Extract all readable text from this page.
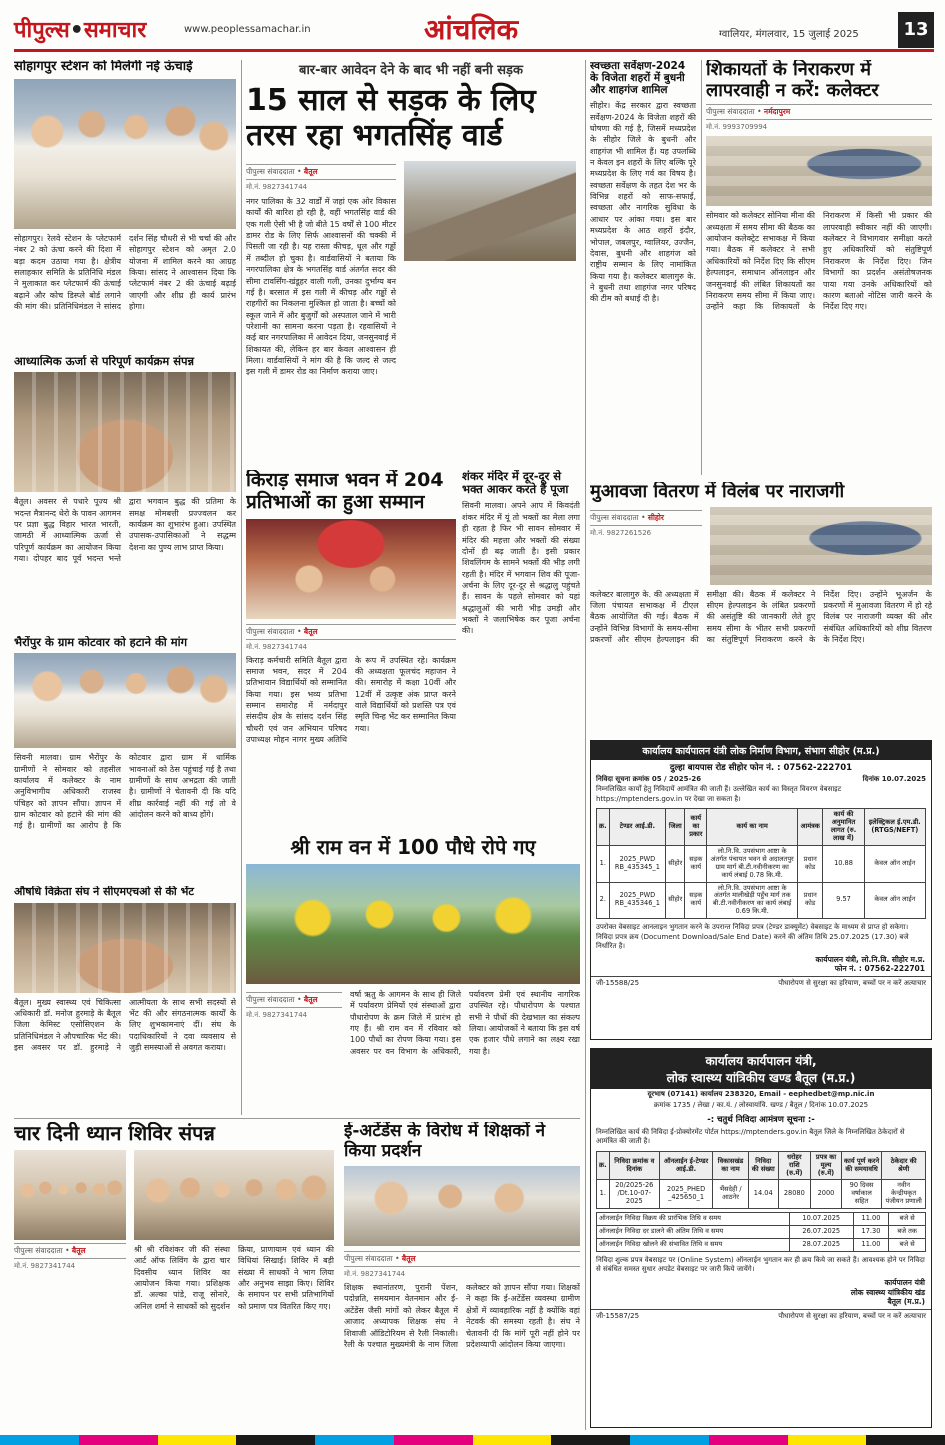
पीपुल्स•समाचार	www.peoplessamachar.in	आंचलिक	ग्वालियर, मंगलवार, 15 जुलाई 2025	13
सोहागपुर स्टेशन को मिलेगी नई ऊंचाई
सोहागपुर। रेलवे स्टेशन के प्लेटफार्म नंबर 2 को ऊंचा करने की दिशा में बड़ा कदम उठाया गया है। क्षेत्रीय सलाहकार समिति के प्रतिनिधि मंडल ने मुलाकात कर प्लेटफार्म की ऊंचाई बढ़ाने और कोच डिस्प्ले बोर्ड लगाने की मांग की। प्रतिनिधिमंडल ने सांसद दर्शन सिंह चौधरी से भी चर्चा की और सोहागपुर स्टेशन को अमृत 2.0 योजना में शामिल करने का आग्रह किया। सांसद ने आश्वासन दिया कि प्लेटफार्म नंबर 2 की ऊंचाई बढ़ाई जाएगी और शीघ्र ही कार्य प्रारंभ होगा।
बार-बार आवेदन देने के बाद भी नहीं बनी सड़क
15 साल से सड़क के लिए तरस रहा भगतसिंह वार्ड
पीपुल्स संवाददाता • बैतूल
मो.नं. 9827341744
नगर पालिका के 32 वार्डों में जहां एक ओर विकास कार्यों की बारिश हो रही है, वहीं भगतसिंह वार्ड की एक गली ऐसी भी है जो बीते 15 वर्षों से 100 मीटर डामर रोड के लिए सिर्फ आश्वासनों की चक्की में पिसती जा रही है। यह रास्ता कीचड़, धूल और गड्ढों में तब्दील हो चुका है। वार्डवासियों ने बताया कि नगरपालिका क्षेत्र के भगतसिंह वार्ड अंतर्गत सदर की सीमा टावर्सिंग-खंडूहर वाली गली, उनका दुर्भाग्य बन गई है। बरसात में इस गली में कीचड़ और गड्ढों से राहगीरों का निकलना मुश्किल हो जाता है। बच्चों को स्कूल जाने में और बुजुर्गों को अस्पताल जाने में भारी परेशानी का सामना करना पड़ता है। रहवासियों ने कई बार नगरपालिका में आवेदन दिया, जनसुनवाई में शिकायत की, लेकिन हर बार केवल आश्वासन ही मिला। वार्डवासियों ने मांग की है कि जल्द से जल्द इस गली में डामर रोड का निर्माण कराया जाए।
स्वच्छता सर्वेक्षण-2024 के विजेता शहरों में बुधनी और शाहगंज शामिल
सीहोर। केंद्र सरकार द्वारा स्वच्छता सर्वेक्षण-2024 के विजेता शहरों की घोषणा की गई है, जिसमें मध्यप्रदेश के सीहोर जिले के बुधनी और शाहगंज भी शामिल हैं। यह उपलब्धि न केवल इन शहरों के लिए बल्कि पूरे मध्यप्रदेश के लिए गर्व का विषय है। स्वच्छता सर्वेक्षण के तहत देश भर के विभिन्न शहरों को साफ-सफाई, स्वच्छता और नागरिक सुविधा के आधार पर आंका गया। इस बार मध्यप्रदेश के आठ शहरों इंदौर, भोपाल, जबलपुर, ग्वालियर, उज्जैन, देवास, बुधनी और शाहगंज को राष्ट्रीय सम्मान के लिए नामांकित किया गया है। कलेक्टर बालागुरु के. ने बुधनी तथा शाहगंज नगर परिषद की टीम को बधाई दी है।
शिकायतों के निराकरण में लापरवाही न करें: कलेक्टर
पीपुल्स संवाददाता • नर्मदापुरम
मो.नं. 9993709994
सोमवार को कलेक्टर सोनिया मीना की अध्यक्षता में समय सीमा की बैठक का आयोजन कलेक्ट्रेट सभाकक्ष में किया गया। बैठक में कलेक्टर ने सभी अधिकारियों को निर्देश दिए कि सीएम हेल्पलाइन, समाधान ऑनलाइन और जनसुनवाई की लंबित शिकायतों का निराकरण समय सीमा में किया जाए। उन्होंने कहा कि शिकायतों के निराकरण में किसी भी प्रकार की लापरवाही स्वीकार नहीं की जाएगी। कलेक्टर ने विभागवार समीक्षा करते हुए अधिकारियों को संतुष्टिपूर्ण निराकरण के निर्देश दिए। जिन विभागों का प्रदर्शन असंतोषजनक पाया गया उनके अधिकारियों को कारण बताओ नोटिस जारी करने के निर्देश दिए गए।
आध्यात्मिक ऊर्जा से परिपूर्ण कार्यक्रम संपन्न
बैतूल। अवसर से पधारे पूज्य श्री भदन्त मैत्रानन्द थेरो के पावन आगमन पर प्रज्ञा बुद्ध विहार भारत भारती, जामठी में आध्यात्मिक ऊर्जा से परिपूर्ण कार्यक्रम का आयोजन किया गया। दोपहर बाद पूर्व भदन्त भन्ते द्वारा भगवान बुद्ध की प्रतिमा के समक्ष मोमबत्ती प्रज्ज्वलन कर कार्यक्रम का शुभारंभ हुआ। उपस्थित उपासक-उपासिकाओं ने सद्धम्म देशना का पुण्य लाभ प्राप्त किया।
किराड़ समाज भवन में 204 प्रतिभाओं का हुआ सम्मान
पीपुल्स संवाददाता • बैतूल
मो.नं. 9827341744
किराड़ कर्मचारी समिति बैतूल द्वारा समाज भवन, सदर में 204 प्रतिभावान विद्यार्थियों को सम्मानित किया गया। इस भव्य प्रतिभा सम्मान समारोह में नर्मदापुर संसदीय क्षेत्र के सांसद दर्शन सिंह चौधरी एवं जन अभियान परिषद उपाध्यक्ष मोहन नागर मुख्य अतिथि के रूप में उपस्थित रहे। कार्यक्रम की अध्यक्षता फूलचंद महाजन ने की। समारोह में कक्षा 10वीं और 12वीं में उत्कृष्ट अंक प्राप्त करने वाले विद्यार्थियों को प्रशस्ति पत्र एवं स्मृति चिन्ह भेंट कर सम्मानित किया गया।
शंकर मंदिर में दूर-दूर से भक्त आकर करते हैं पूजा
सिवनी मालवा। अपने आप में किवदंती शंकर मंदिर में यूं तो भक्तों का मेला लगा ही रहता है फिर भी सावन सोमवार में मंदिर की महत्ता और भक्तों की संख्या दोनों ही बढ़ जाती है। इसी प्रकार शिवलिंगम के सामने भक्तों की भीड़ लगी रहती है। मंदिर में भगवान शिव की पूजा-अर्चना के लिए दूर-दूर से श्रद्धालु पहुंचते हैं। सावन के पहले सोमवार को यहां श्रद्धालुओं की भारी भीड़ उमड़ी और भक्तों ने जलाभिषेक कर पूजा अर्चना की।
मुआवजा वितरण में विलंब पर नाराजगी
पीपुल्स संवाददाता • सीहोर
मो.नं. 9827261526
कलेक्टर बालागुरु के. की अध्यक्षता में जिला पंचायत सभाकक्ष में टीएल बैठक आयोजित की गई। बैठक में उन्होंने विभिन्न विभागों के समय-सीमा प्रकरणों और सीएम हेल्पलाइन की समीक्षा की। बैठक में कलेक्टर ने सीएम हेल्पलाइन के लंबित प्रकरणों की असंतुष्टि की जानकारी लेते हुए समय सीमा के भीतर सभी प्रकरणों का संतुष्टिपूर्ण निराकरण करने के निर्देश दिए। उन्होंने भूअर्जन के प्रकरणों में मुआवजा वितरण में हो रहे विलंब पर नाराजगी व्यक्त की और संबंधित अधिकारियों को शीघ्र वितरण के निर्देश दिए।
भैरोंपुर के ग्राम कोटवार को हटाने की मांग
सिवनी मालवा। ग्राम भैरोंपुर के ग्रामीणों ने सोमवार को तहसील कार्यालय में कलेक्टर के नाम अनुविभागीय अधिकारी राजस्व पंचिहर को ज्ञापन सौंपा। ज्ञापन में ग्राम कोटवार को हटाने की मांग की गई है। ग्रामीणों का आरोप है कि कोटवार द्वारा ग्राम में धार्मिक भावनाओं को ठेस पहुंचाई गई है तथा ग्रामीणों के साथ अभद्रता की जाती है। ग्रामीणों ने चेतावनी दी कि यदि शीघ्र कार्रवाई नहीं की गई तो वे आंदोलन करने को बाध्य होंगे।
श्री राम वन में 100 पौधे रोपे गए
पीपुल्स संवाददाता • बैतूल
मो.नं. 9827341744
वर्षा ऋतु के आगमन के साथ ही जिले में पर्यावरण प्रेमियों एवं संस्थाओं द्वारा पौधारोपण के क्रम जिले में प्रारंभ हो गए हैं। श्री राम वन में रविवार को 100 पौधों का रोपण किया गया। इस अवसर पर वन विभाग के अधिकारी, पर्यावरण प्रेमी एवं स्थानीय नागरिक उपस्थित रहे। पौधारोपण के पश्चात सभी ने पौधों की देखभाल का संकल्प लिया। आयोजकों ने बताया कि इस वर्ष एक हजार पौधे लगाने का लक्ष्य रखा गया है।
औषधि विक्रेता संघ ने सीएमएचओ से की भेंट
बैतूल। मुख्य स्वास्थ्य एवं चिकित्सा अधिकारी डॉ. मनोज हुरमाड़े के बैतूल जिला केमिस्ट एसोसिएशन के प्रतिनिधिमंडल ने औपचारिक भेंट की। इस अवसर पर डॉ. हुरमाड़े ने आत्मीयता के साथ सभी सदस्यों से भेंट की और संगठनात्मक कार्यों के लिए शुभकामनाएं दीं। संघ के पदाधिकारियों ने दवा व्यवसाय से जुड़ी समस्याओं से अवगत कराया।
चार दिनी ध्यान शिविर संपन्न
पीपुल्स संवाददाता • बैतूल
मो.नं. 9827341744
श्री श्री रविशंकर जी की संस्था आर्ट ऑफ लिविंग के द्वारा चार दिवसीय ध्यान शिविर का आयोजन किया गया। प्रशिक्षक डॉ. अल्का पांडे, राजू सोनारे, अनिल शर्मा ने साधकों को सुदर्शन क्रिया, प्राणायाम एवं ध्यान की विधियां सिखाई। शिविर में बड़ी संख्या में साधकों ने भाग लिया और अनुभव साझा किए। शिविर के समापन पर सभी प्रतिभागियों को प्रमाण पत्र वितरित किए गए।
ई-अटेंडेंस के विरोध में शिक्षकों ने किया प्रदर्शन
पीपुल्स संवाददाता • बैतूल
मो.नं. 9827341744
शिक्षक स्थानांतरण, पुरानी पेंशन, पदोन्नति, समयमान वेतनमान और ई-अटेंडेंस जैसी मांगों को लेकर बैतूल में आजाद अध्यापक शिक्षक संघ ने शिवाजी ऑडिटोरियम से रैली निकाली। रैली के पश्चात मुख्यमंत्री के नाम जिला कलेक्टर को ज्ञापन सौंपा गया। शिक्षकों ने कहा कि ई-अटेंडेंस व्यवस्था ग्रामीण क्षेत्रों में व्यावहारिक नहीं है क्योंकि वहां नेटवर्क की समस्या रहती है। संघ ने चेतावनी दी कि मांगें पूरी नहीं होने पर प्रदेशव्यापी आंदोलन किया जाएगा।
कार्यालय कार्यपालन यंत्री लोक निर्माण विभाग, संभाग सीहोर (म.प्र.)
दुल्हा बायपास रोड सीहोर फोन नं. : 07562-222701
निविदा सूचना क्रमांक 05 / 2025-26	दिनांक 10.07.2025
निम्नलिखित कार्यों हेतु निविदायें आमंत्रित की जाती हैं। उल्लेखित कार्य का विस्तृत विवरण वेबसाइट https://mptenders.gov.in पर देखा जा सकता है।
क्र.	टेण्डर आई.डी.	जिला	कार्य का प्रकार	कार्य का नाम	आमंत्रक	कार्य की अनुमानित लागत (रु. लाख में)	इलेक्ट्रिकल ई.एम.डी. (RTGS/NEFT)
1.	2025_PWD RB_435345_1	सीहोर	सड़क कार्य	लो.नि.वि. उपसंभाग आष्टा के अंतर्गत पंचायत भवन से अदालतपुर ग्राम मार्ग बी.टी.नवीनीकरण का कार्य लंबाई 0.78 कि.मी.	प्रधान कोड	10.88	केवल ऑन लाईन
2.	2025_PWD RB_435346_1	सीहोर	सड़क कार्य	लो.नि.वि. उपसंभाग आष्टा के अंतर्गत मालीखेड़ी पहुँच मार्ग तक बी.टी.नवीनीकरण का कार्य लंबाई 0.69 कि.मी.	प्रधान कोड	9.57	केवल ऑन लाईन
उपरोक्त वेबसाइट आनलाइन भुगतान करने के उपरान्त निविदा प्रपत्र (टेण्डर डाक्यूमेंट) वेबसाइट के माध्यम से प्राप्त हो सकेगा। निविदा प्रपत्र क्रय (Document Download/Sale End Date) करने की अंतिम तिथि 25.07.2025 (17.30) बजे निर्धारित है।
कार्यपालन यंत्री, लो.नि.वि. सीहोर म.प्र.
फोन नं. : 07562-222701
जी-15588/25	पौधारोपण से सुरक्षा का हरियाण, बच्चों पर न करें अत्याचार
कार्यालय कार्यपालन यंत्री,
लोक स्वास्थ्य यांत्रिकीय खण्ड बैतूल (म.प्र.)
दूरभाष (07141) कार्यालय 238320, Email - eephedbet@mp.nic.in
क्रमांक 1735 / लेखा / का.यं. / लोस्वायांवि. खण्ड / बैतूल / दिनांक 10.07.2025
-: चतुर्थ निविदा आमंत्रण सूचना :-
निम्नलिखित कार्य की निविदा ई-प्रोक्योरमेंट पोर्टल https://mptenders.gov.in बैतूल जिले के निम्नलिखित ठेकेदारों से आमंत्रित की जाती है।
क्र.	निविदा क्रमांक व दिनांक	ऑनलाईन ई-टेण्डर आई.डी.	विकासखंड का नाम	निविदा की संख्या	धरोहर राशि (रु.में)	प्रपत्र का मूल्य (रु.में)	कार्य पूर्ण करने की समयावधि	ठेकेदार की श्रेणी
1.	20/2025-26 /Dt.10-07-2025	2025_PHED _425650_1	भैंसदेही / आठनेर	14.04	28080	2000	90 दिवस वर्षाकाल सहित	नवीन केन्द्रीयकृत पंजीयन प्रणाली
ऑनलाईन निविदा विक्रय की प्रारंभिक तिथि व समय	10.07.2025	11.00	बजे से
ऑनलाईन निविदा दर डालने की अंतिम तिथि व समय	26.07.2025	17.30	बजे तक
ऑनलाईन निविदा खोलने की संभावित तिथि व समय	28.07.2025	11.00	बजे से
निविदा शुल्क प्रपत्र वेबसाइट पर (Online System) ऑनलाईन भुगतान कर ही क्रय किये जा सकते हैं। आवश्यक होने पर निविदा से संबंधित समस्त सुधार अपडेट वेबसाइट पर जारी किये जायेंगे।
कार्यपालन यंत्री
लोक स्वास्थ्य यांत्रिकीय खंड
बैतूल (म.प्र.)
जी-15587/25	पौधारोपण से सुरक्षा का हरियाण, बच्चों पर न करें अत्याचार
